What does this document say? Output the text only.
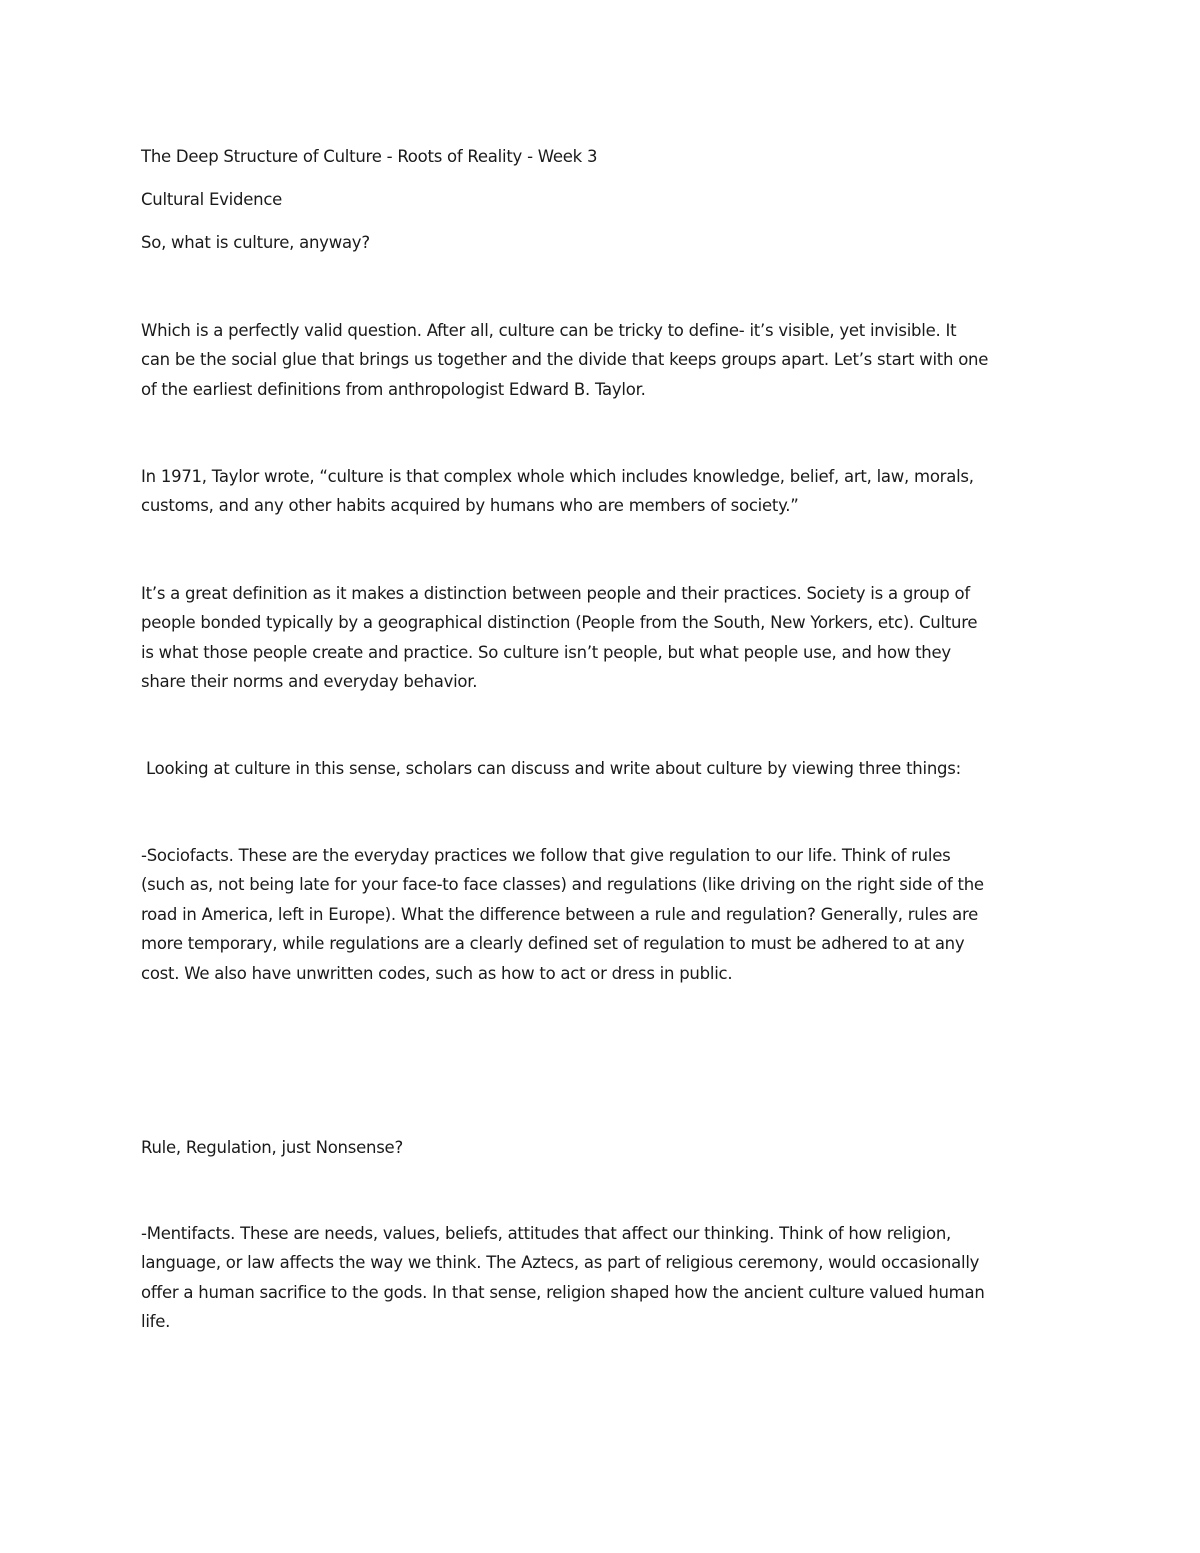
The Deep Structure of Culture - Roots of Reality - Week 3

Cultural Evidence

So, what is culture, anyway?

Which is a perfectly valid question. After all, culture can be tricky to define- it’s visible, yet invisible. It
can be the social glue that brings us together and the divide that keeps groups apart. Let’s start with one
of the earliest definitions from anthropologist Edward B. Taylor.
In 1971, Taylor wrote, “culture is that complex whole which includes knowledge, belief, art, law, morals,
customs, and any other habits acquired by humans who are members of society.”
It’s a great definition as it makes a distinction between people and their practices. Society is a group of
people bonded typically by a geographical distinction (People from the South, New Yorkers, etc). Culture
is what those people create and practice. So culture isn’t people, but what people use, and how they
share their norms and everyday behavior.

Looking at culture in this sense, scholars can discuss and write about culture by viewing three things:

-Sociofacts. These are the everyday practices we follow that give regulation to our life. Think of rules
(such as, not being late for your face-to face classes) and regulations (like driving on the right side of the
road in America, left in Europe). What the difference between a rule and regulation? Generally, rules are
more temporary, while regulations are a clearly defined set of regulation to must be adhered to at any
cost. We also have unwritten codes, such as how to act or dress in public.

Rule, Regulation, just Nonsense?

-Mentifacts. These are needs, values, beliefs, attitudes that affect our thinking. Think of how religion,
language, or law affects the way we think. The Aztecs, as part of religious ceremony, would occasionally
offer a human sacrifice to the gods. In that sense, religion shaped how the ancient culture valued human
life.
